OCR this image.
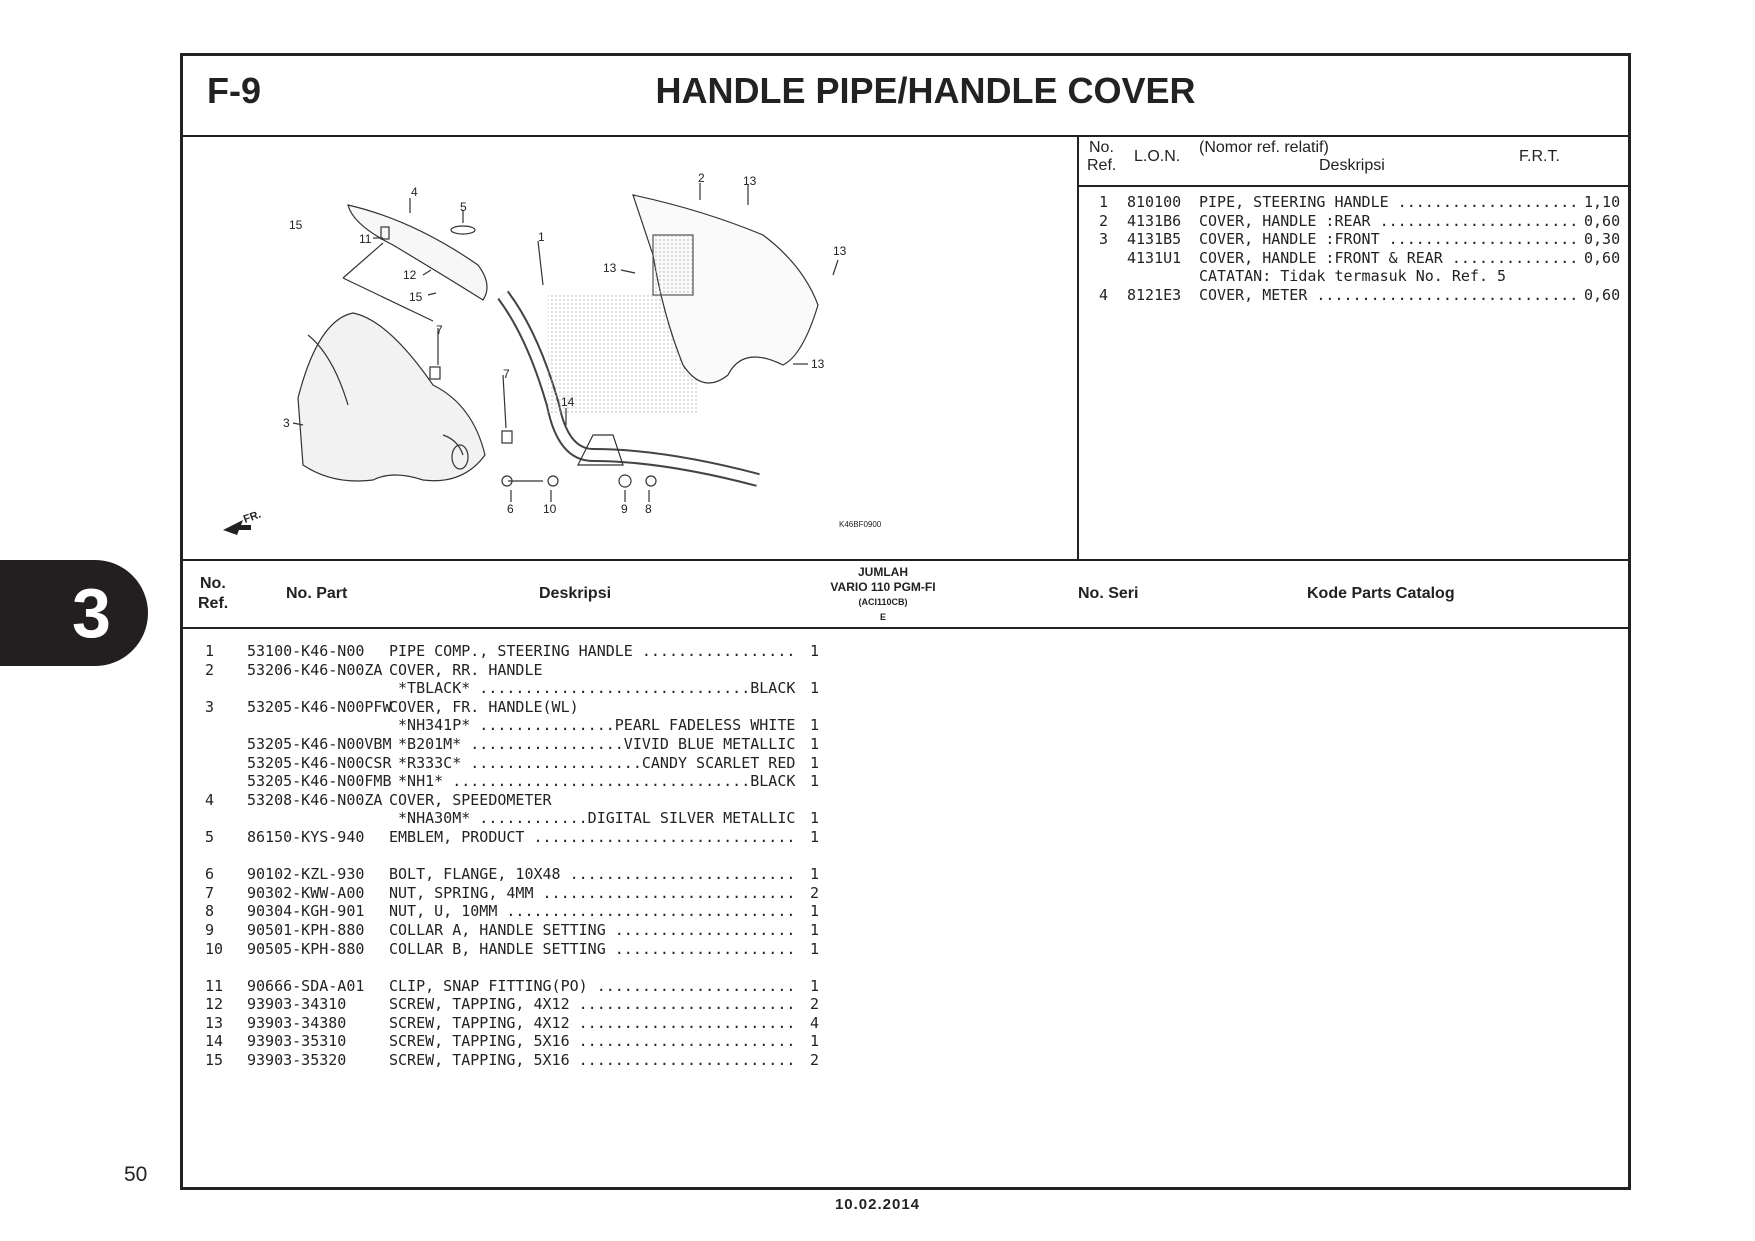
F-9	HANDLE PIPE/HANDLE COVER
4
5
15
11
12
15
7
3
7
14
1
2	13
13
13
13
6 10	9 8
K46BF0900
FR.
No.
Ref.
L.O.N.
(Nomor ref. relatif)
Deskripsi
F.R.T.
1 810100 PIPE, STEERING HANDLE .................... 1,10
2 4131B6 COVER, HANDLE :REAR ...................... 0,60
3 4131B5 COVER, HANDLE :FRONT ..................... 0,30
4131U1 COVER, HANDLE :FRONT & REAR .............. 0,60
CATATAN: Tidak termasuk No. Ref. 5
4 8121E3 COVER, METER ............................. 0,60
No.
Ref.
No. Part	Deskripsi
JUMLAH
VARIO 110 PGM-FI
(ACI110CB)
E
No. Seri	Kode Parts Catalog
1 53100-K46-N00 PIPE COMP., STEERING HANDLE ................. 1
2 53206-K46-N00ZA COVER, RR. HANDLE
*TBLACK* ..............................BLACK 1
3 53205-K46-N00PFW
COVER, FR. HANDLE(WL)
*NH341P* ...............PEARL FADELESS WHITE 1
53205-K46-N00VBM
*B201M* .................VIVID BLUE METALLIC 1
53205-K46-N00CSR
*R333C* ...................CANDY SCARLET RED 1
53205-K46-N00FMB
*NH1* .................................BLACK 1
4 53208-K46-N00ZA COVER, SPEEDOMETER
*NHA30M* ............DIGITAL SILVER METALLIC 1
5 86150-KYS-940 EMBLEM, PRODUCT ............................. 1
6 90102-KZL-930 BOLT, FLANGE, 10X48 ......................... 1
7 90302-KWW-A00 NUT, SPRING, 4MM ............................ 2
8 90304-KGH-901 NUT, U, 10MM ................................ 1
9 90501-KPH-880 COLLAR A, HANDLE SETTING .................... 1
10 90505-KPH-880 COLLAR B, HANDLE SETTING .................... 1
11 90666-SDA-A01 CLIP, SNAP FITTING(PO) ...................... 1
12 93903-34310	SCREW, TAPPING, 4X12 ........................ 2
13 93903-34380	SCREW, TAPPING, 4X12 ........................ 4
14 93903-35310	SCREW, TAPPING, 5X16 ........................ 1
15 93903-35320	SCREW, TAPPING, 5X16 ........................ 2
3
50
10.02.2014
